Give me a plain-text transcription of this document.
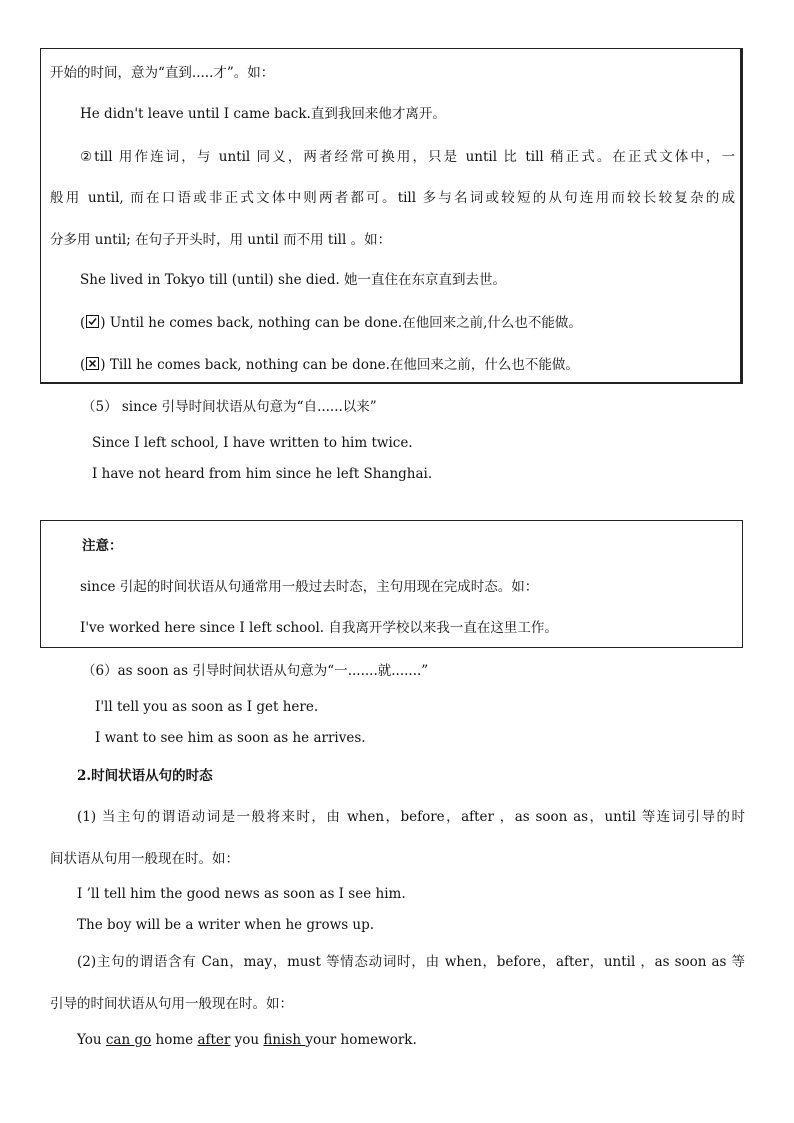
开始的时间，意为“直到.....才”。如：
He didn't leave until I came back.直到我回来他才离开。
②till 用作连词，与 until 同义，两者经常可换用，只是 until 比 till 稍正式。在正式文体中，一
般用 until, 而在口语或非正式文体中则两者都可。till 多与名词或较短的从句连用而较长较复杂的成
分多用 until; 在句子开头时，用 until 而不用 till 。如：
She lived in Tokyo till (until) she died. 她一直住在东京直到去世。
( ) Until he comes back, nothing can be done.在他回来之前,什么也不能做。
( ) Till he comes back, nothing can be done.在他回来之前，什么也不能做。
（5） since 引导时间状语从句意为“自......以来”
Since I left school, I have written to him twice.
I have not heard from him since he left Shanghai.
注意：
since 引起的时间状语从句通常用一般过去时态，主句用现在完成时态。如：
I've worked here since I left school. 自我离开学校以来我一直在这里工作。
（6）as soon as 引导时间状语从句意为“一.......就.......”
I'll tell you as soon as I get here.
I want to see him as soon as he arrives.
2.时间状语从句的时态
(1) 当主句的谓语动词是一般将来时，由 when，before，after ，as soon as，until 等连词引导的时
间状语从句用一般现在时。如：
I ’ll tell him the good news as soon as I see him.
The boy will be a writer when he grows up.
(2)主句的谓语含有 Can，may，must 等情态动词时，由 when，before，after，until ，as soon as 等
引导的时间状语从句用一般现在时。如：
You can go home after you finish your homework.
